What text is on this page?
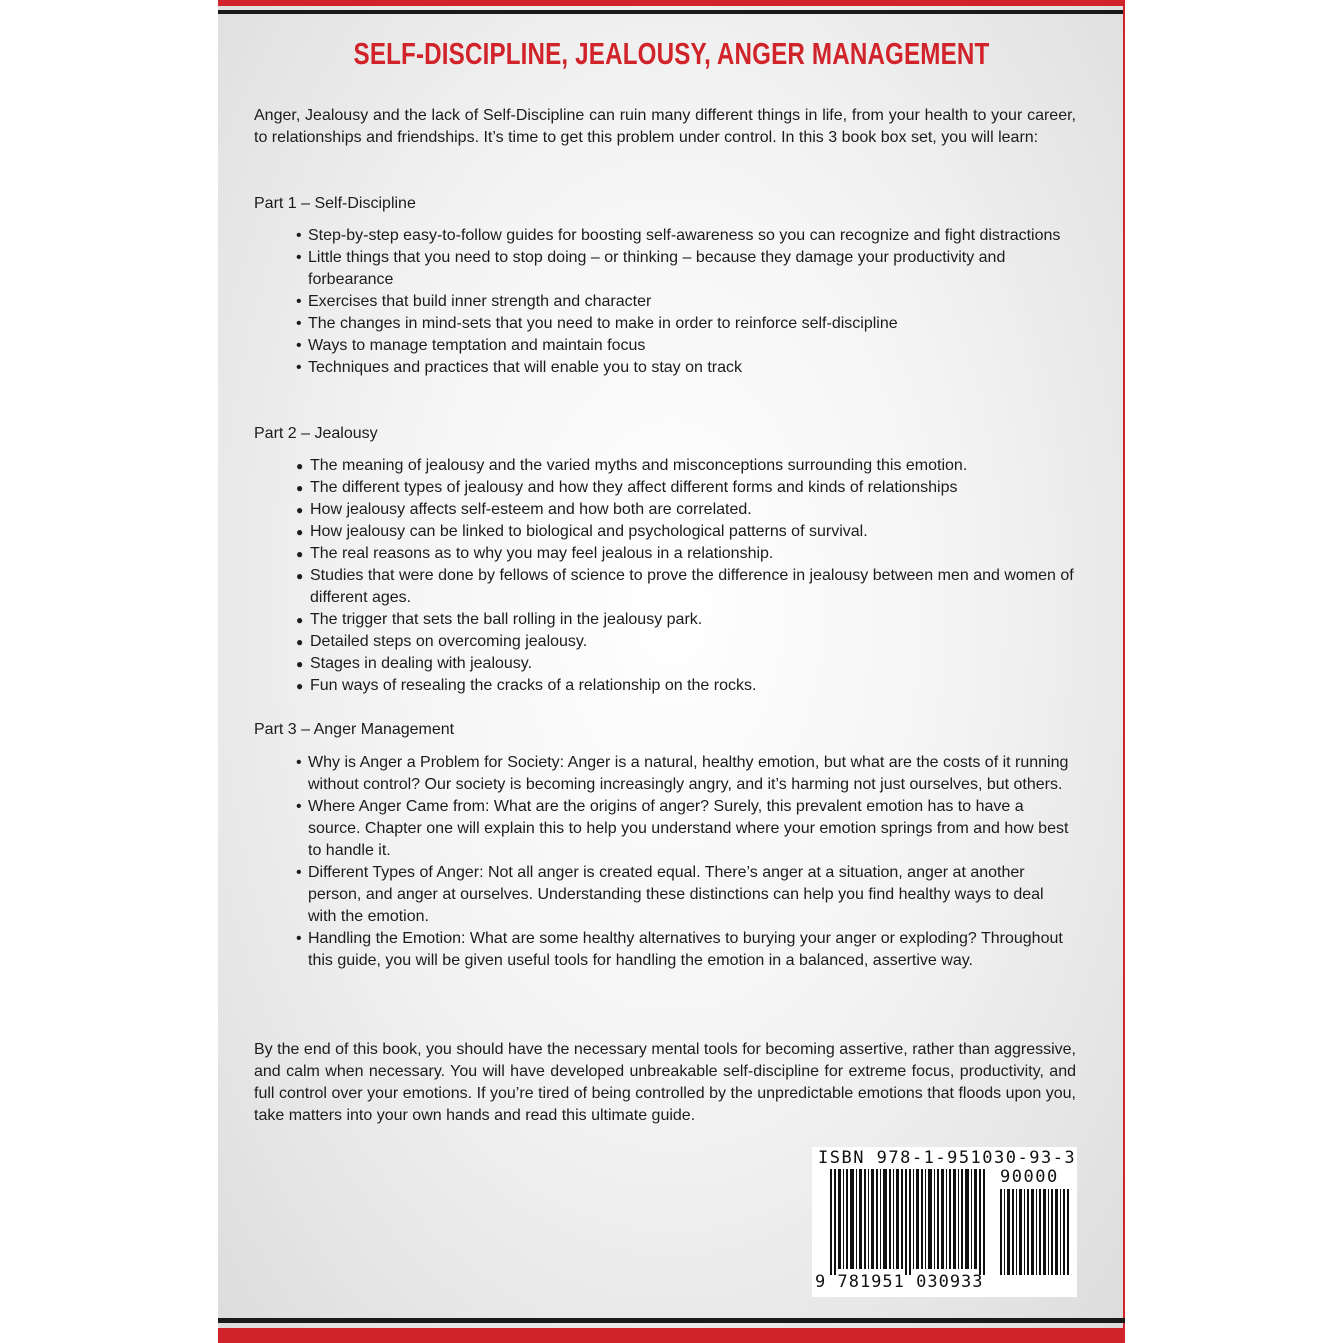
SELF-DISCIPLINE, JEALOUSY, ANGER MANAGEMENT

Anger, Jealousy and the lack of Self-Discipline can ruin many different things in life, from your health to your career, to relationships and friendships. It’s time to get this problem under control. In this 3 book box set, you will learn:

Part 1 – Self-Discipline

• Step-by-step easy-to-follow guides for boosting self-awareness so you can recognize and fight distractions
• Little things that you need to stop doing – or thinking – because they damage your productivity and forbearance
• Exercises that build inner strength and character
• The changes in mind-sets that you need to make in order to reinforce self-discipline
• Ways to manage temptation and maintain focus
• Techniques and practices that will enable you to stay on track

Part 2 – Jealousy

● The meaning of jealousy and the varied myths and misconceptions surrounding this emotion.
● The different types of jealousy and how they affect different forms and kinds of relationships
● How jealousy affects self-esteem and how both are correlated.
● How jealousy can be linked to biological and psychological patterns of survival.
● The real reasons as to why you may feel jealous in a relationship.
● Studies that were done by fellows of science to prove the difference in jealousy between men and women of different ages.
● The trigger that sets the ball rolling in the jealousy park.
● Detailed steps on overcoming jealousy.
● Stages in dealing with jealousy.
● Fun ways of resealing the cracks of a relationship on the rocks.

Part 3 – Anger Management

• Why is Anger a Problem for Society: Anger is a natural, healthy emotion, but what are the costs of it running without control? Our society is becoming increasingly angry, and it’s harming not just ourselves, but others.
• Where Anger Came from: What are the origins of anger? Surely, this prevalent emotion has to have a source. Chapter one will explain this to help you understand where your emotion springs from and how best to handle it.
• Different Types of Anger: Not all anger is created equal. There’s anger at a situation, anger at another person, and anger at ourselves. Understanding these distinctions can help you find healthy ways to deal with the emotion.
• Handling the Emotion: What are some healthy alternatives to burying your anger or exploding? Throughout this guide, you will be given useful tools for handling the emotion in a balanced, assertive way.

By the end of this book, you should have the necessary mental tools for becoming assertive, rather than aggressive, and calm when necessary. You will have developed unbreakable self-discipline for extreme focus, productivity, and full control over your emotions. If you’re tired of being controlled by the unpredictable emotions that floods upon you, take matters into your own hands and read this ultimate guide.

ISBN 978-1-951030-93-3
90000
9 781951 030933
